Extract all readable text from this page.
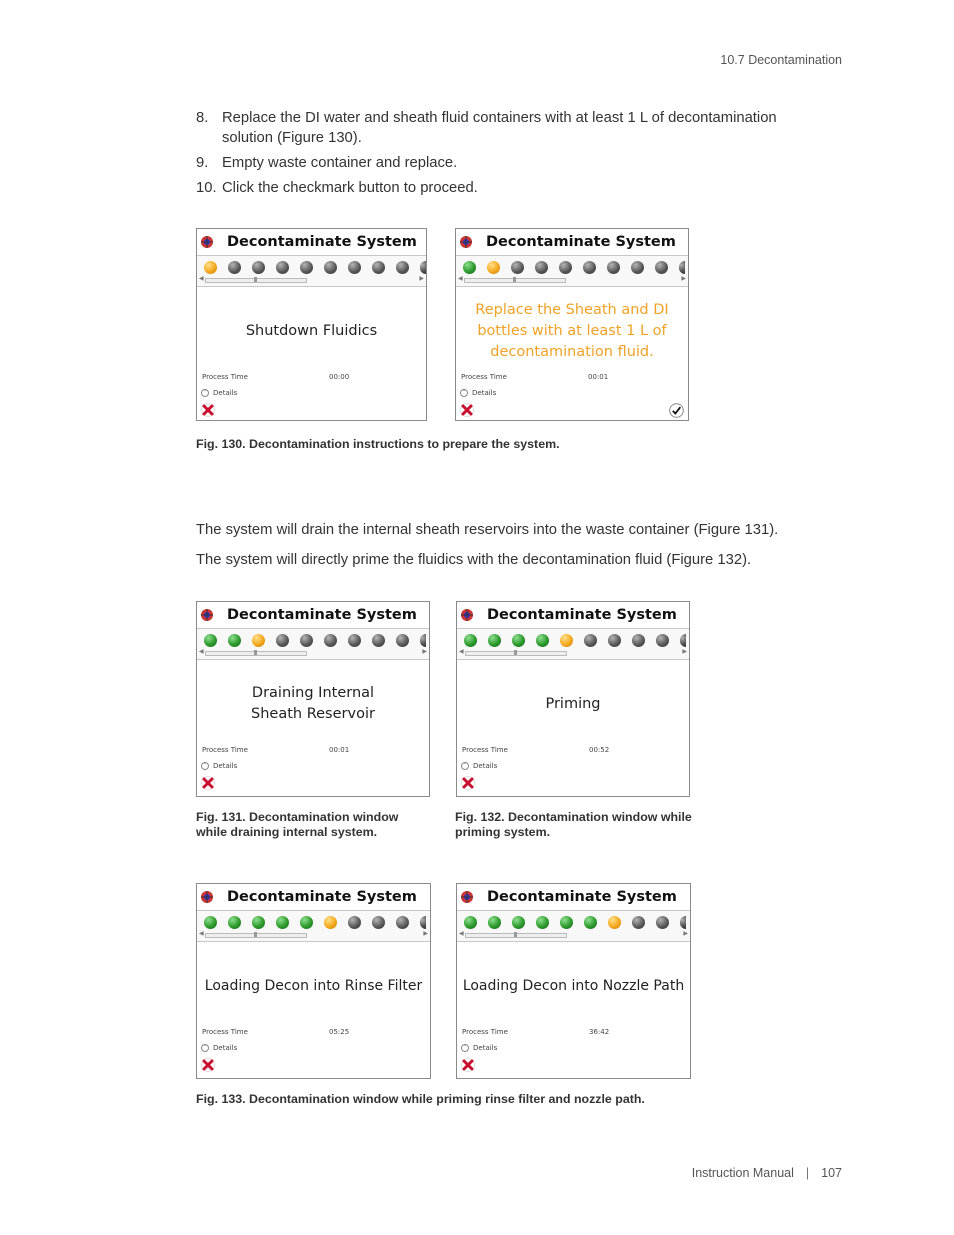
10.7 Decontamination
8. Replace the DI water and sheath fluid containers with at least 1 L of decontamination solution (Figure 130).
9. Empty waste container and replace.
10. Click the checkmark button to proceed.
Decontaminate System
◀	▶
Shutdown Fluidics
Process Time	00:00
˅ Details
Decontaminate System
◀	▶
Replace the Sheath and DI bottles with at least 1 L of decontamination fluid.
Process Time	00:01
˅ Details
Fig. 130. Decontamination instructions to prepare the system.
The system will drain the internal sheath reservoirs into the waste container (Figure 131).
The system will directly prime the fluidics with the decontamination fluid (Figure 132).
Decontaminate System
◀	▶
Draining Internal Sheath Reservoir
Process Time	00:01
˅ Details
Decontaminate System
◀	▶
Priming
Process Time	00:52
˅ Details
Fig. 131. Decontamination window while draining internal system.
Fig. 132. Decontamination window while priming system.
Decontaminate System
◀	▶
Loading Decon into Rinse Filter
Process Time	05:25
˅ Details
Decontaminate System
◀	▶
Loading Decon into Nozzle Path
Process Time	36:42
˅ Details
Fig. 133. Decontamination window while priming rinse filter and nozzle path.
Instruction Manual | 107
